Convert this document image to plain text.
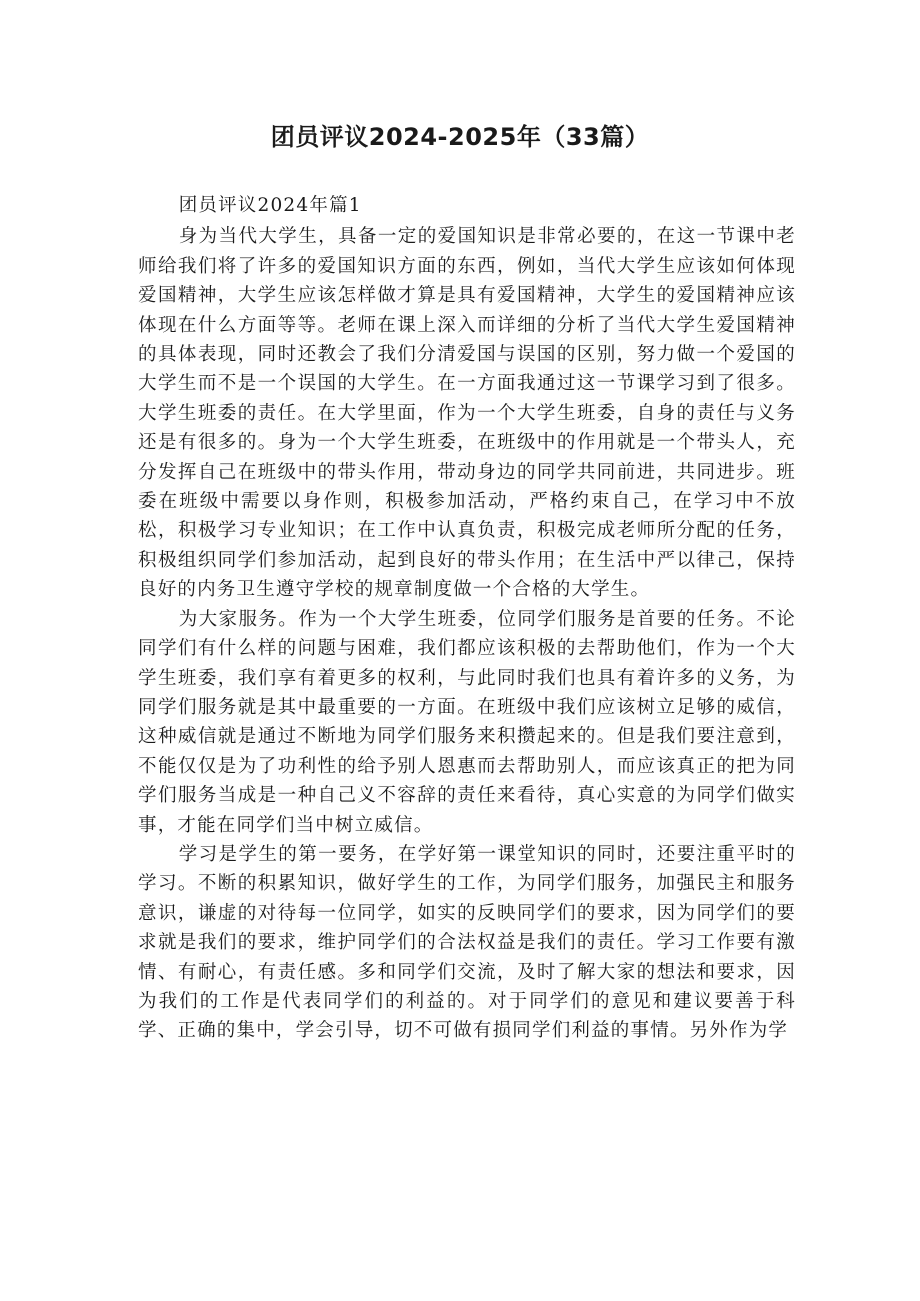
团员评议2024-2025年（33篇）

团员评议2024年篇1

身为当代大学生，具备一定的爱国知识是非常必要的，在这一节课中老师给我们将了许多的爱国知识方面的东西，例如，当代大学生应该如何体现爱国精神，大学生应该怎样做才算是具有爱国精神，大学生的爱国精神应该体现在什么方面等等。老师在课上深入而详细的分析了当代大学生爱国精神的具体表现，同时还教会了我们分清爱国与误国的区别，努力做一个爱国的大学生而不是一个误国的大学生。在一方面我通过这一节课学习到了很多。大学生班委的责任。在大学里面，作为一个大学生班委，自身的责任与义务还是有很多的。身为一个大学生班委，在班级中的作用就是一个带头人，充分发挥自己在班级中的带头作用，带动身边的同学共同前进，共同进步。班委在班级中需要以身作则，积极参加活动，严格约束自己，在学习中不放松，积极学习专业知识；在工作中认真负责，积极完成老师所分配的任务，积极组织同学们参加活动，起到良好的带头作用；在生活中严以律己，保持良好的内务卫生遵守学校的规章制度做一个合格的大学生。

为大家服务。作为一个大学生班委，位同学们服务是首要的任务。不论同学们有什么样的问题与困难，我们都应该积极的去帮助他们，作为一个大学生班委，我们享有着更多的权利，与此同时我们也具有着许多的义务，为同学们服务就是其中最重要的一方面。在班级中我们应该树立足够的威信，这种威信就是通过不断地为同学们服务来积攒起来的。但是我们要注意到，不能仅仅是为了功利性的给予别人恩惠而去帮助别人，而应该真正的把为同学们服务当成是一种自己义不容辞的责任来看待，真心实意的为同学们做实事，才能在同学们当中树立威信。

学习是学生的第一要务，在学好第一课堂知识的同时，还要注重平时的学习。不断的积累知识，做好学生的工作，为同学们服务，加强民主和服务意识，谦虚的对待每一位同学，如实的反映同学们的要求，因为同学们的要求就是我们的要求，维护同学们的合法权益是我们的责任。学习工作要有激情、有耐心，有责任感。多和同学们交流，及时了解大家的想法和要求，因为我们的工作是代表同学们的利益的。对于同学们的意见和建议要善于科学、正确的集中，学会引导，切不可做有损同学们利益的事情。另外作为学
